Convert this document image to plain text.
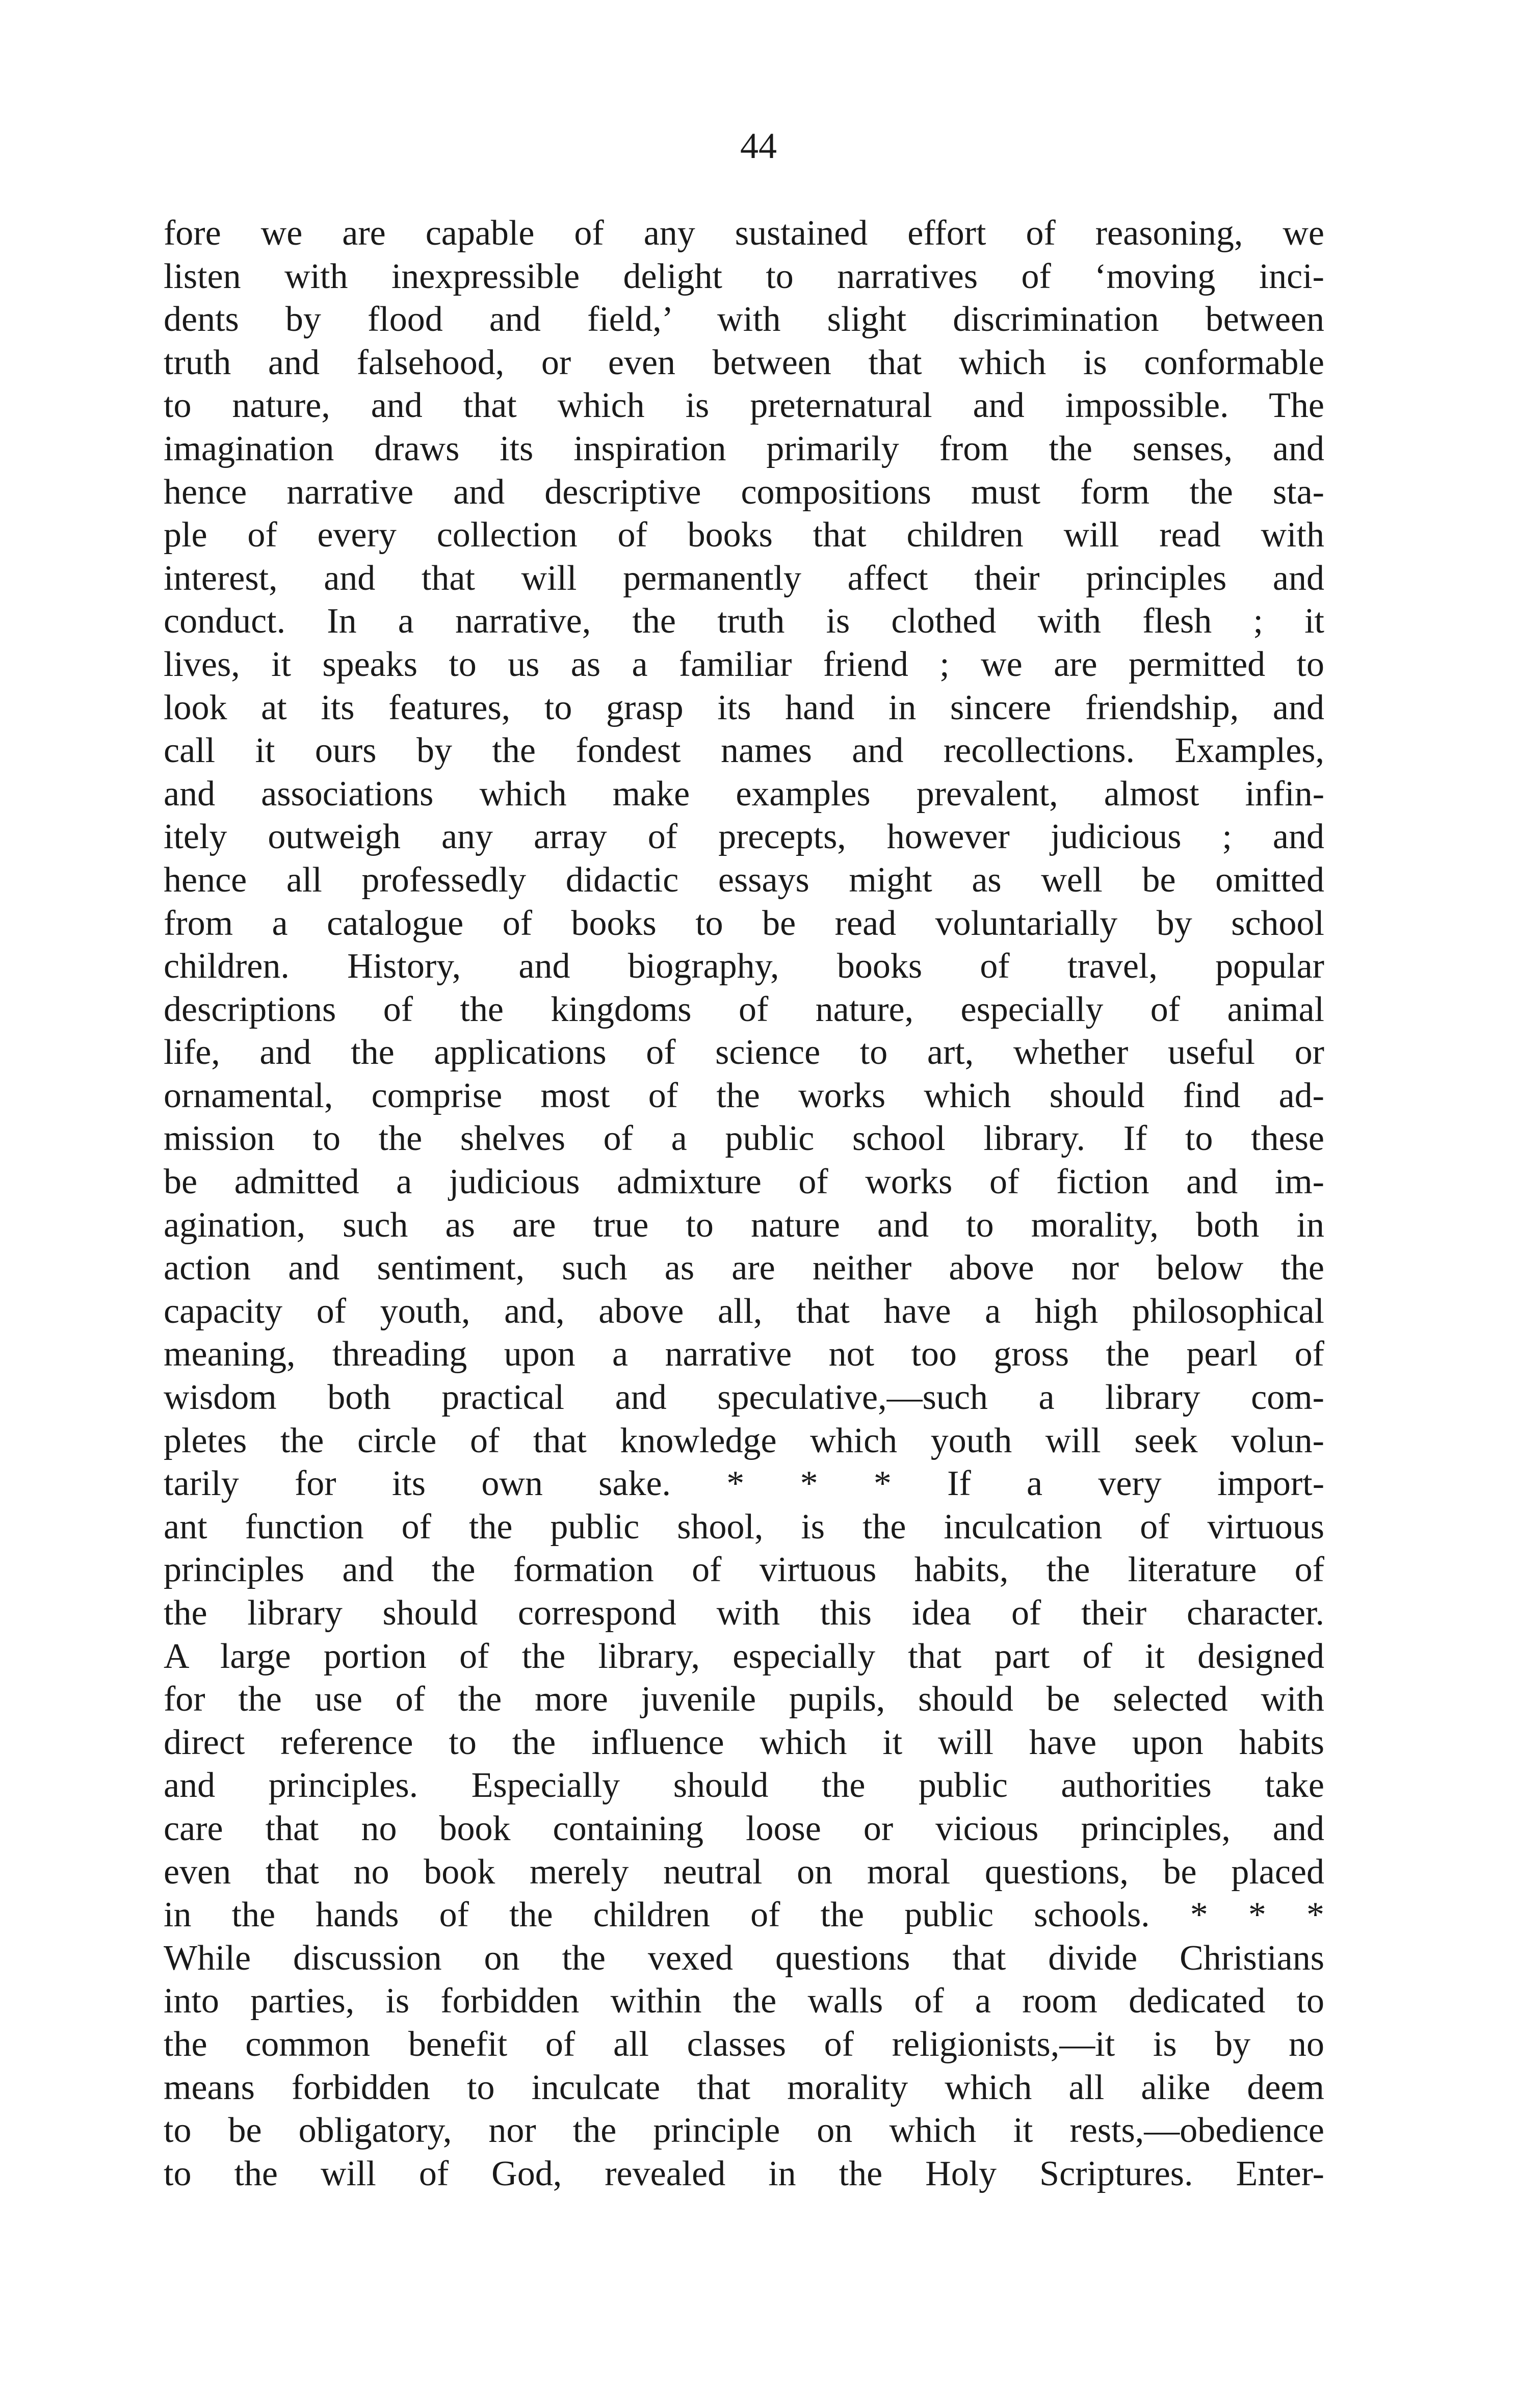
44
fore we are capable of any sustained effort of reasoning, we
listen with inexpressible delight to narratives of ‘moving inci-
dents by flood and field,’ with slight discrimination between
truth and falsehood, or even between that which is conformable
to nature, and that which is preternatural and impossible. The
imagination draws its inspiration primarily from the senses, and
hence narrative and descriptive compositions must form the sta-
ple of every collection of books that children will read with
interest, and that will permanently affect their principles and
conduct. In a narrative, the truth is clothed with flesh ; it
lives, it speaks to us as a familiar friend ; we are permitted to
look at its features, to grasp its hand in sincere friendship, and
call it ours by the fondest names and recollections. Examples,
and associations which make examples prevalent, almost infin-
itely outweigh any array of precepts, however judicious ; and
hence all professedly didactic essays might as well be omitted
from a catalogue of books to be read voluntarially by school
children. History, and biography, books of travel, popular
descriptions of the kingdoms of nature, especially of animal
life, and the applications of science to art, whether useful or
ornamental, comprise most of the works which should find ad-
mission to the shelves of a public school library. If to these
be admitted a judicious admixture of works of fiction and im-
agination, such as are true to nature and to morality, both in
action and sentiment, such as are neither above nor below the
capacity of youth, and, above all, that have a high philosophical
meaning, threading upon a narrative not too gross the pearl of
wisdom both practical and speculative,—such a library com-
pletes the circle of that knowledge which youth will seek volun-
tarily for its own sake. * * * If a very import-
ant function of the public shool, is the inculcation of virtuous
principles and the formation of virtuous habits, the literature of
the library should correspond with this idea of their character.
A large portion of the library, especially that part of it designed
for the use of the more juvenile pupils, should be selected with
direct reference to the influence which it will have upon habits
and principles. Especially should the public authorities take
care that no book containing loose or vicious principles, and
even that no book merely neutral on moral questions, be placed
in the hands of the children of the public schools. * * *
While discussion on the vexed questions that divide Christians
into parties, is forbidden within the walls of a room dedicated to
the common benefit of all classes of religionists,—it is by no
means forbidden to inculcate that morality which all alike deem
to be obligatory, nor the principle on which it rests,—obedience
to the will of God, revealed in the Holy Scriptures. Enter-
